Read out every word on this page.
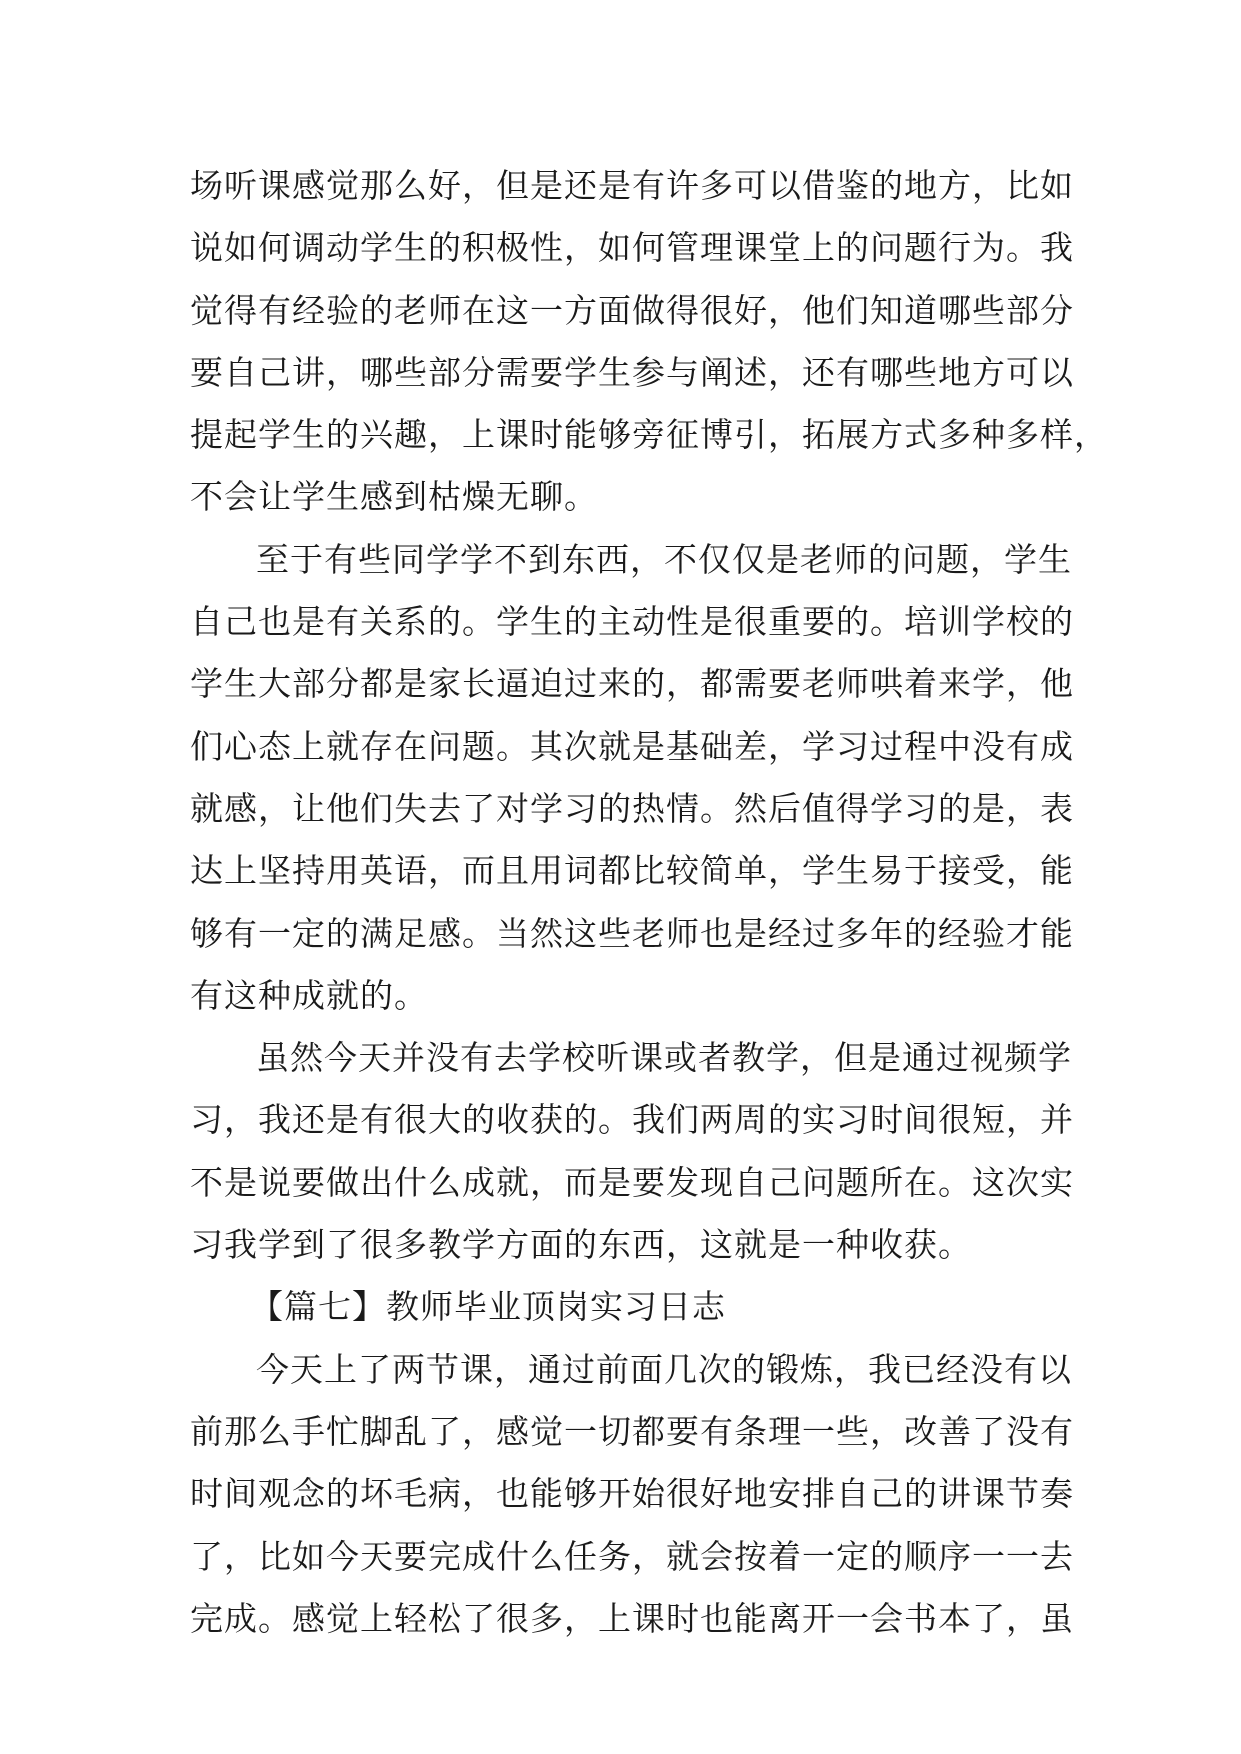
场听课感觉那么好，但是还是有许多可以借鉴的地方，比如
说如何调动学生的积极性，如何管理课堂上的问题行为。我
觉得有经验的老师在这一方面做得很好，他们知道哪些部分
要自己讲，哪些部分需要学生参与阐述，还有哪些地方可以
提起学生的兴趣，上课时能够旁征博引，拓展方式多种多样，
不会让学生感到枯燥无聊。
至于有些同学学不到东西，不仅仅是老师的问题，学生
自己也是有关系的。学生的主动性是很重要的。培训学校的
学生大部分都是家长逼迫过来的，都需要老师哄着来学，他
们心态上就存在问题。其次就是基础差，学习过程中没有成
就感，让他们失去了对学习的热情。然后值得学习的是，表
达上坚持用英语，而且用词都比较简单，学生易于接受，能
够有一定的满足感。当然这些老师也是经过多年的经验才能
有这种成就的。
虽然今天并没有去学校听课或者教学，但是通过视频学
习，我还是有很大的收获的。我们两周的实习时间很短，并
不是说要做出什么成就，而是要发现自己问题所在。这次实
习我学到了很多教学方面的东西，这就是一种收获。
【篇七】教师毕业顶岗实习日志
今天上了两节课，通过前面几次的锻炼，我已经没有以
前那么手忙脚乱了，感觉一切都要有条理一些，改善了没有
时间观念的坏毛病，也能够开始很好地安排自己的讲课节奏
了，比如今天要完成什么任务，就会按着一定的顺序一一去
完成。感觉上轻松了很多，上课时也能离开一会书本了，虽
